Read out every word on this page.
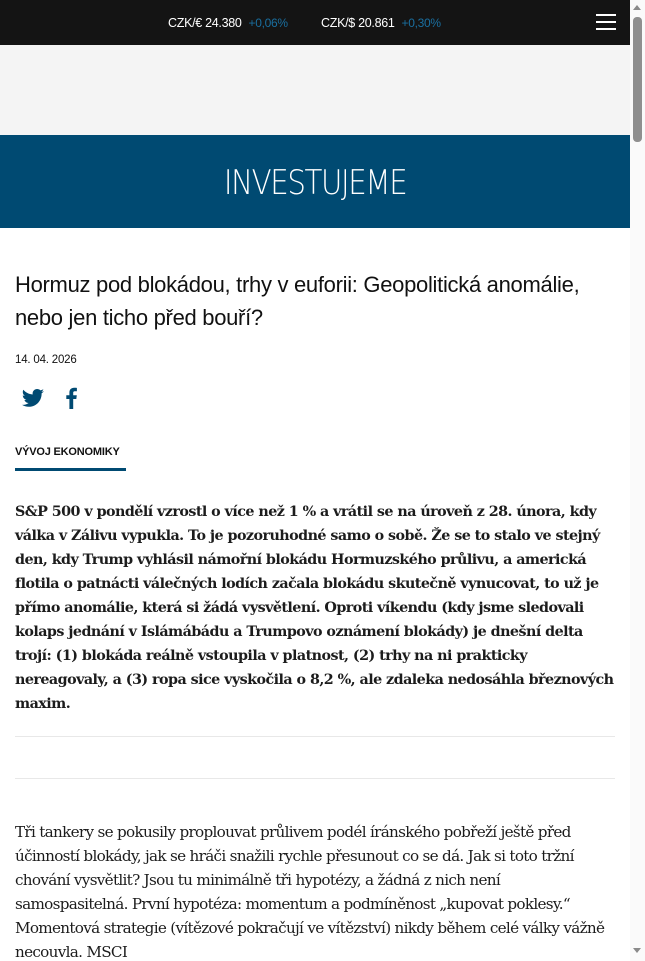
CZK/€ 24.380 +0,06%	CZK/$ 20.861 +0,30%
INVESTUJEME
Hormuz pod blokádou, trhy v euforii: Geopolitická anomálie, nebo jen ticho před bouří?
14. 04. 2026
VÝVOJ EKONOMIKY

S&P 500 v pondělí vzrostl o více než 1 % a vrátil se na úroveň z 28. února, kdy válka v Zálivu vypukla. To je pozoruhodné samo o sobě. Že se to stalo ve stejný den, kdy Trump vyhlásil námořní blokádu Hormuzského průlivu, a americká flotila o patnácti válečných lodích začala blokádu skutečně vynucovat, to už je přímo anomálie, která si žádá vysvětlení. Oproti víkendu (kdy jsme sledovali kolaps jednání v Islámábádu a Trumpovo oznámení blokády) je dnešní delta trojí: (1) blokáda reálně vstoupila v platnost, (2) trhy na ni prakticky nereagovaly, a (3) ropa sice vyskočila o 8,2 %, ale zdaleka nedosáhla březnových maxim.

Tři tankery se pokusily proplouvat průlivem podél íránského pobřeží ještě před účinností blokády, jak se hráči snažili rychle přesunout co se dá. Jak si toto tržní chování vysvětlit? Jsou tu minimálně tři hypotézy, a žádná z nich není samospasitelná. První hypotéza: momentum a podmíněnost „kupovat poklesy.“ Momentová strategie (vítězové pokračují ve vítězství) nikdy během celé války vážně necouvla. MSCI
